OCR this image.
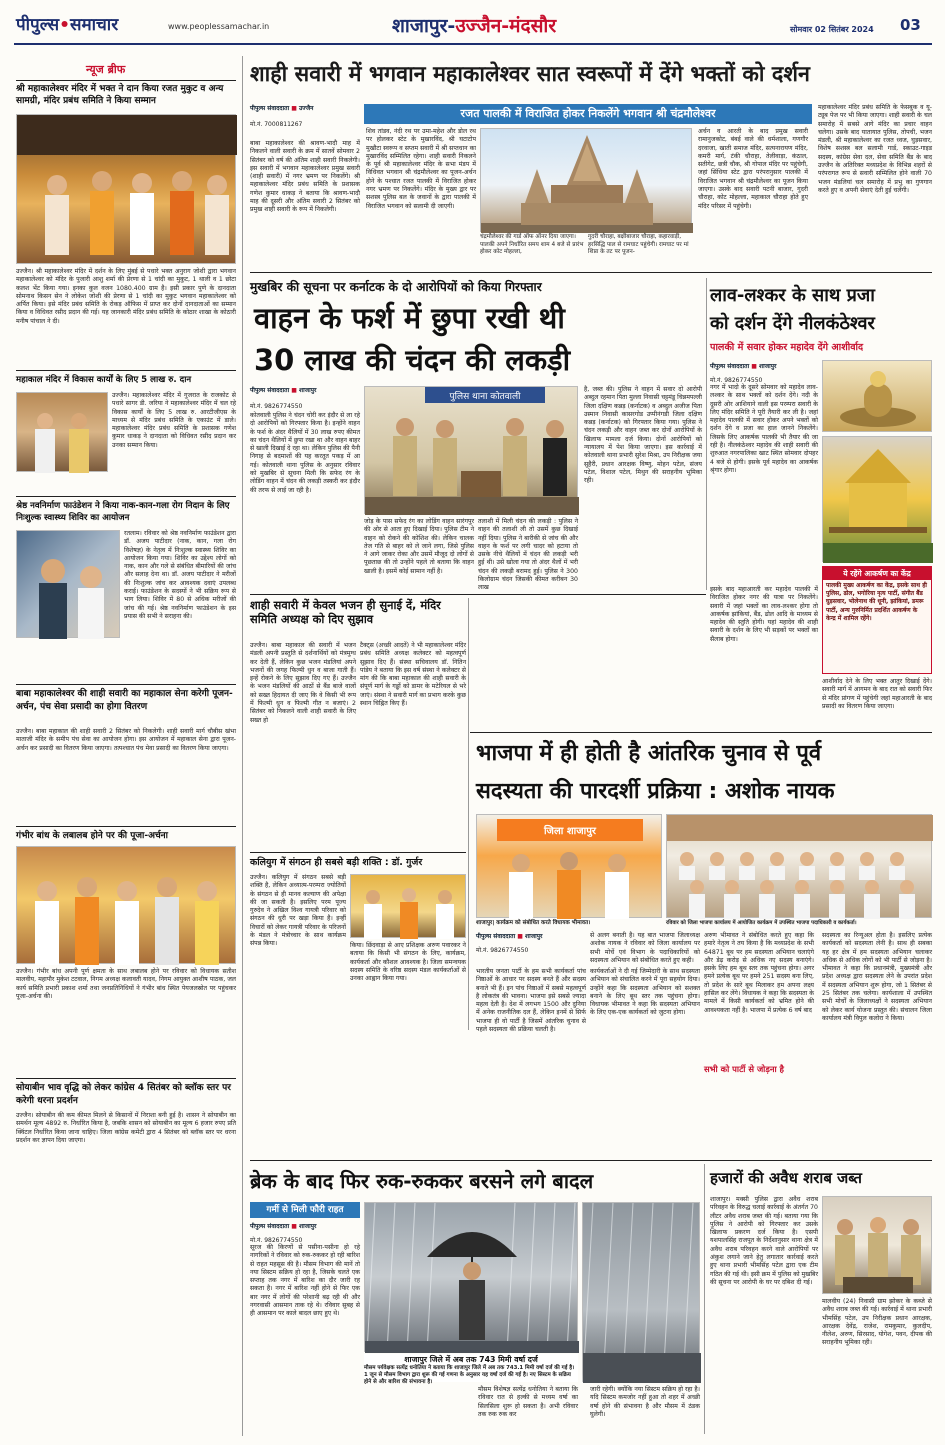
पीपुल्स•समाचार	www.peoplessamachar.in	शाजापुर-उज्जैन-मंदसौर	सोमवार 02 सितंबर 2024 03
न्यूज ब्रीफ
श्री महाकालेश्वर मंदिर में भक्त ने दान किया रजत मुकुट व अन्य सामग्री, मंदिर प्रबंध समिति ने किया सम्मान
उज्जैन। श्री महाकालेश्वर मंदिर में दर्शन के लिए मुंबई से पधारे भक्त अनुराग जोशी द्वारा भगवान महाकालेश्वर को मंदिर के पुजारी आशु शर्मा की प्रेरणा से 1 चांदी का मुकुट, 1 थाली व 1 छोटा कलश भेंट किया गया। इनका कुल वजन 1080.400 ग्राम है। इसी प्रकार पुणे के दानदाता सोमनाथ किसन सेन ने लोकेश जोशी की प्रेरणा से 1 चांदी का मुकुट भगवान महाकालेश्वर को अर्पित किया। इसे मंदिर प्रबंध समिति के रोकड़ ऑफिस में प्राप्त कर दोनों दानदाताओं का सम्मान किया व विधिवत रसीद प्रदान की गई। यह जानकारी मंदिर प्रबंध समिति के कोठार शाखा के कोठारी मनीष पांचाल ने दी।
महाकाल मंदिर में विकास कार्यों के लिए 5 लाख रु. दान
उज्जैन। महाकालेश्वर मंदिर में गुजरात के राजकोट से पधारे सागर डी. जरिया ने महाकालेश्वर मंदिर में चल रहे विकास कार्यों के लिए 5 लाख रु. आरटीजीएस के माध्यम से मंदिर प्रबंध समिति के एकाउंट में डाले। महाकालेश्वर मंदिर प्रबंध समिति के प्रशासक गणेश कुमार धाकड़ ने दानदाता को विधिवत रसीद प्रदान कर उनका सम्मान किया।
श्रेष्ठ नवनिर्माण फाउंडेशन ने किया नाक-कान-गला रोग निदान के लिए निःशुल्क स्वास्थ्य शिविर का आयोजन
रतलाम। रविवार को श्रेष्ठ नवनिर्माण फाउंडेशन द्वारा डॉ. अजय पाटीदार (नाक, कान, गला रोग विशेषज्ञ) के नेतृत्व में निःशुल्क स्वास्थ्य शिविर का आयोजन किया गया। शिविर का उद्देश्य लोगों को नाक, कान और गले से संबंधित बीमारियों की जांच और सलाह देना था। डॉ. अजय पाटीदार ने मरीजों की निःशुल्क जांच कर आवश्यक दवाएं उपलब्ध कराई। फाउंडेशन के सदस्यों ने भी सक्रिय रूप से भाग लिया। शिविर में 80 से अधिक मरीजों की जांच की गई। श्रेष्ठ नवनिर्माण फाउंडेशन के इस प्रयास की सभी ने सराहना की।
बाबा महाकालेश्वर की शाही सवारी का महाकाल सेना करेगी पूजन-अर्चन, पंच सेवा प्रसादी का होगा वितरण
उज्जैन। बाबा महाकाल की शाही सवारी 2 सितंबर को निकलेगी। शाही सवारी मार्ग चौबीस खंभा माताजी मंदिर के समीप पंच सेवा का आयोजन होगा। इस आयोजन में महाकाल सेना द्वारा पूजन-अर्चन कर प्रसादी का वितरण किया जाएगा। तत्पश्चात पंच मेवा प्रसादी का वितरण किया जाएगा।
गंभीर बांध के लबालब होने पर की पूजा-अर्चना
उज्जैन। गंभीर बांध अपनी पूर्ण क्षमता के साथ लबालब होने पर रविवार को विधायक सतीश मालवीय, महापौर मुकेश टटवाल, निगम अध्यक्ष कलावती यादव, निगम आयुक्त आशीष पाठक, जल कार्य समिति प्रभारी प्रकाश शर्मा तथा जनप्रतिनिधियों ने गंभीर बांध स्थित पेयजलस्रोत पर पहुंचकर पूजा-अर्चना की।
सोयाबीन भाव वृद्धि को लेकर कांग्रेस 4 सितंबर को ब्लॉक स्तर पर करेगी धरना प्रदर्शन
उज्जैन। सोयाबीन की कम कीमत मिलने से किसानों में निराशा बनी हुई है। शासन ने सोयाबीन का समर्थन मूल्य 4892 रु. निर्धारित किया है, जबकि शासन को सोयाबीन का मूल्य 6 हजार रुपए प्रति क्विंटल निर्धारित किया जाना चाहिए। जिला कांग्रेस कमेटी द्वारा 4 सितंबर को ब्लॉक स्तर पर धरना प्रदर्शन कर ज्ञापन दिया जाएगा।
शाही सवारी में भगवान महाकालेश्वर सात स्वरूपों में देंगे भक्तों को दर्शन
पीपुल्स संवाददाता ■ उज्जैन
मो.नं. 7000811267
रजत पालकी में विराजित होकर निकलेंगे भगवान श्री चंद्रमौलेश्वर
बाबा महाकालेश्वर की श्रावण-भादौ माह में निकलने वाली सवारी के क्रम में सातवें सोमवार 2 सितंबर को वर्ष की अंतिम शाही सवारी निकलेगी। इस सवारी में भगवान महाकालेश्वर प्रमुख सवारी (शाही सवारी) में नगर भ्रमण पर निकलेंगे। श्री महाकालेश्वर मंदिर प्रबंध समिति के प्रशासक गणेश कुमार धाकड़ ने बताया कि श्रावण-भादौ माह की दूसरी और अंतिम सवारी 2 सितंबर को प्रमुख शाही सवारी के रूप में निकलेगी।
शिव तांडव, नंदी रथ पर उमा-महेश और डोल रथ पर होलकर स्टेट के मुखारविंद, श्री घटाटोप मुखौटा स्वरूप व सप्तम सवारी में श्री सप्तधान का मुखारविंद सम्मिलित रहेगा। शाही सवारी निकलने के पूर्व श्री महाकालेश्वर मंदिर के सभा मंडप में विधिवत भगवान श्री चंद्रमौलेश्वर का पूजन-अर्चन होने के पश्चात रजत पालकी में विराजित होकर नगर भ्रमण पर निकलेंगे। मंदिर के मुख्य द्वार पर सशस्त्र पुलिस बल के जवानों के द्वारा पालकी में विराजित भगवान को सलामी दी जाएगी।
चंद्रमौलेश्वर की गार्ड ऑफ ऑनर दिया जाएगा। पालकी अपने निर्धारित समय शाम 4 बजे से प्रारंभ होकर कोट मोहल्ला,
गुदरी चौराहा, बक्षीबाजार चौराहा, कहारवाड़ी, हरसिद्धि पाल से रामघाट पहुंचेगी। रामघाट पर मां शिप्रा के तट पर पूजन-
अर्चन व आरती के बाद प्रमुख सवारी रामानुजकोट, बंबई वाले की धर्मशाला, गणगौर दरवाजा, खाती समाज मंदिर, सत्यनारायण मंदिर, कमरी मार्ग, टंकी चौराहा, तेलीवाड़ा, कंठाल, सतीगेट, छत्री चौक, श्री गोपाल मंदिर पर पहुंचेगी, जहां सिंधिया स्टेट द्वारा परंपरानुसार पालकी में विराजित भगवान श्री चंद्रमौलेश्वर का पूजन किया जाएगा। उसके बाद सवारी पटनी बाजार, गुदरी चौराहा, कोट मोहल्ला, महाकाल चौराहा होते हुए मंदिर परिसर में पहुंचेगी।
महाकालेश्वर मंदिर प्रबंध समिति के फेसबुक व यू-ट्यूब पेज पर भी किया जाएगा। शाही सवारी के चल समारोह में सबसे आगे मंदिर का प्रचार वाहन चलेगा। उसके बाद यातायात पुलिस, तोपची, भजन मंडली, श्री महाकालेश्वर का रजत ध्वज, घुड़सवार, विशेष सशस्त्र बल सलामी गार्ड, स्काउट-गाइड सदस्य, कांग्रेस सेवा दल, सेवा समिति बैंड के बाद उज्जैन के अतिरिक्त मध्यप्रदेश के विभिन्न शहरों से परंपरागत रूप से सवारी सम्मिलित होने वाली 70 भजन मंडलियां चल समारोह में प्रभु का गुणगान करते हुए व अपनी सेवाएं देती हुई चलेंगी।
मुखबिर की सूचना पर कर्नाटक के दो आरोपियों को किया गिरफ्तार
वाहन के फर्श में छुपा रखी थी
30 लाख की चंदन की लकड़ी
पीपुल्स संवाददाता ■ शाजापुर
मो.नं. 9826774550
कोतवाली पुलिस ने चंदन चोरी कर इंदौर से ला रहे दो आरोपियों को गिरफ्तार किया है। इन्होंने वाहन के फर्श के अंदर थैलियों में 30 लाख रुपए कीमत का चंदन थैलियों में छुपा रखा था और वाहन बाहर से खाली दिखाई दे रहा था। लेकिन पुलिस की पैनी निगाह से बदमाशों की यह करतूत पकड़ में आ गई। कोतवाली थाना पुलिस के अनुसार रविवार को मुखबिर से सूचना मिली कि सफेद रंग के लोडिंग वाहन में चंदन की लकड़ी तस्करी कर इंदौर की तरफ से लाई जा रही है।
पुलिस थाना कोतवाली
जोड़ के पास सफेद रंग का लोडिंग वाहन सारंगपुर की ओर से आता हुए दिखाई दिया। पुलिस टीम ने वाहन को रोकने की कोशिश की। लेकिन चालक तेज गति से बाहर को ले जाने लगा, जिसे पुलिस ने आगे जाकर रोका और उसमें मौजूद दो लोगों से पूछताछ की तो उन्होंने पहले तो बताया कि वाहन खाली है। इसमें कोई सामान नहीं है।
तलाशी में मिली चंदन की लकड़ी : पुलिस ने वाहन की तलाशी ली तो उसमें कुछ दिखाई नहीं दिया। पुलिस ने बारीकी से जांच की और वाहन के फर्श पर लगी चादर को हटाया तो उसके नीचे थैलियों में चंदन की लकड़ी भरी हुई थी। उसे खोला गया तो अंदर थैलों में भरी चंदन की लकड़ी बरामद हुई। पुलिस ने 300 किलोग्राम चंदन जिसकी कीमत करीबन 30 लाख
है, जब्त की। पुलिस ने वाहन में सवार दो आरोपी अब्दुल रहमान पिता मुल्ला निवासी चट्टमंडू चिन्नमपल्ली जिला दक्षिण कन्नड़ (कर्नाटक) व अब्दुल अजीज पिता उस्मान निवासी कासरगोड उप्पीनंगडी जिला दक्षिण कन्नड़ (कर्नाटक) को गिरफ्तार किया गया। पुलिस ने चंदन लकड़ी और वाहन जब्त कर दोनों आरोपियों के खिलाफ मामला दर्ज किया। दोनों आरोपियों को न्यायालय में पेश किया जाएगा। इस कार्रवाई में कोतवाली थाना प्रभारी सुरेश मिश्रा, उप निरीक्षक जया सुहैरी, प्रधान आरक्षक विष्णु, मोहन पटेल, संजय पटेल, विशाल पटेल, मिथुन की सराहनीय भूमिका रही।
लाव-लश्कर के साथ प्रजा
को दर्शन देंगे नीलकंठेश्वर
पालकी में सवार होकर महादेव देंगे आशीर्वाद
पीपुल्स संवाददाता ■ शाजापुर
मो.नं. 9826774550
नगर में भादो के दूसरे सोमवार को महादेव लाव-लश्कर के साथ भक्तों को दर्शन देंगे। नदी के दूसरी ओर आशियाने वाली इस परम्परा सवारी के लिए मंदिर समिति ने पूरी तैयारी कर ली है। जहां महादेव पालकी में सवार होकर अपने भक्तों को दर्शन देंगे व प्रजा का हाल जानने निकलेंगे। जिसके लिए आकर्षक पालकी भी तैयार की जा रही है। नीलकंठेश्वर महादेव की शाही सवारी की शुरुआत नगरपालिका खाट स्थित सोमवार दोपहर 4 बजे से होगी। इसके पूर्व महादेव का आकर्षक श्रृंगार होगा।
ये रहेंगे आकर्षण का केंद्र
पालकी मुख्य आकर्षण का केंद्र, इसके साथ ही पुलिस, ढोल, भगोरिया नृत्य पार्टी, संगीत बैंड घुड़सवार, भोलेनाथ की धूनी, झांकियां, डमरू पार्टी, अन्य गुरुनिर्मित प्रदर्शित आकर्षण के केन्द्र में शामिल रहेंगे।
इसके बाद महाआरती कर महादेव पालकी में विराजित होकर नगर की यात्रा पर निकलेंगे। सवारी में जहां भक्तों का लाव-लश्कर होगा तो आकर्षक झांकियां, बैंड, ढोल आदि के माध्यम से महादेव की स्तुति होगी। यहां महादेव की शाही सवारी के दर्शन के लिए भी सड़कों पर भक्तों का सैलाब होगा।
आशीर्वाद देने के लिए भक्त आतुर दिखाई देंगे। सवारी मार्ग में आगमन के बाद रात को सवारी फिर से मंदिर प्रांगण में पहुंचेगी जहां महाआरती के बाद प्रसादी का वितरण किया जाएगा।
शाही सवारी में केवल भजन ही सुनाई दें, मंदिर समिति अध्यक्ष को दिए सुझाव
उज्जैन। बाबा महाकाल की सवारी में भजन मंडली अपनी प्रस्तुति से दर्शनार्थियों को मंत्रमुग्ध कर देती हैं, लेकिन कुछ भजन मंडलियां अपने भजनों की जगह फिल्मी धुन व बाजा गाती हैं। इन्हें रोकने के लिए सुझाव दिए गए हैं। उज्जैन के भजन मंडलियों की आठों से बैंड बाजे वालों को सख्त हिदायत दी जाए कि वे किसी भी रूप में फिल्मी धुन व फिल्मी गीत न बजाएं। 2 सितंबर को निकलने वाली शाही सवारी के लिए सख्त हो
टैक्ट्स (अच्छी आदतें) ने भी महाकालेश्वर मंदिर प्रबंध समिति अध्यक्ष कलेक्टर को महत्वपूर्ण सुझाव दिए हैं। संस्था सचिवालय डॉ. नितिन पांडेय ने बताया कि इस वर्ष संस्था ने कलेक्टर से मांग की कि बाबा महाकाल की शाही सवारी के संपूर्ण मार्ग के गड्ढों को डामर के मटेरियल से भरे जाएं। संस्था ने सवारी मार्ग का प्रभाग करके कुछ स्थान चिह्नित किए हैं।
कलियुग में संगठन ही सबसे बड़ी शक्ति : डॉ. गुर्जर
उज्जैन। कलियुग में संगठन सबसे बड़ी शक्ति है, लेकिन अध्यात्म-परम्परा ज्योतियों के संगठन से ही मानव कल्याण की अपेक्षा की जा सकती है। इसलिए परम पूज्य गुरुदेव ने अखिल विश्व गायत्री परिवार को संगठन की धुरी पर खड़ा किया है। इन्हीं विचारों को लेकर गायत्री परिवार के परिजनों के मंडल ने मंत्रोच्चार के साथ कार्यक्रम संपन्न किया।	किया। छिंदवाड़ा से आए प्रशिक्षक अरुण पवारकर ने बताया कि किसी भी संगठन के लिए, कार्यक्रम, कार्यकर्ता और कौशल आवश्यक है। जिला समन्वयक सदस्य समिति के वरिष्ठ सदस्य मंडल कार्यकर्ताओं से उनका आह्वान किया गया।
भाजपा में ही होती है आंतरिक चुनाव से पूर्व
सदस्यता की पारदर्शी प्रक्रिया : अशोक नायक
जिला शाजापुर
शाजापुर| कार्यक्रम को संबोधित करते विधायक भीमावत।	रविवार को जिला भाजपा कार्यालय में आयोजित कार्यक्रम में उपस्थित भाजपा पदाधिकारी व कार्यकर्ता।
पीपुल्स संवाददाता ■ शाजापुर
मो.नं. 9826774550
से अलग बनाती है। यह बात भाजपा जिलाध्यक्ष अशोक नायक ने रविवार को जिला कार्यालय पर सभी मोर्चे एवं विभाग के पदाधिकारियों को सदस्यता अभियान को संबोधित करते हुए कही।
भारतीय जनता पार्टी के हम सभी कार्यकर्ता पांच निष्ठाओं के आधार पर सदस्य बनते हैं और सदस्य बनाते भी हैं। इन पांच निष्ठाओं में सबसे महत्वपूर्ण है लोकतंत्र की भावना। भाजपा इसे सबसे ज्यादा महत्व देती है। देश में लगभग 1500 और दुनिया में अनेक राजनीतिक दल हैं, लेकिन इनमें से सिर्फ भाजपा ही वो पार्टी है जिसमें आंतरिक चुनाव से पहले सदस्यता की प्रक्रिया चलती है।
कार्यकर्ताओं ने दी गई जिम्मेदारी के साथ सदस्यता अभियान को संचालित करने में पूरा सहयोग दिया। उन्होंने कहा कि सदस्यता अभियान को सशक्त बनाने के लिए बूथ स्तर तक पहुंचना होगा। विधायक भीमावत ने कहा कि सदस्यता अभियान के लिए एक-एक कार्यकर्ता को जुटना होगा।
अरुण भीमावत ने संबोधित करते हुए कहा कि हमारे नेतृत्व ने तय किया है कि मध्यप्रदेश के सभी 64871 बूथ पर हम सदस्यता अभियान चलाएंगे और डेढ़ करोड़ से अधिक नए सदस्य बनाएंगे। इसके लिए हम बूथ स्तर तक पहुंचना होगा। अगर हमने प्रत्येक बूथ पर हमने 251 सदस्य बना लिए, तो प्रदेश के सारे बूथ मिलाकर हम अपना लक्ष्य हासिल कर लेंगे। विधायक ने कहा कि सदस्यता के मामले में किसी कार्यकर्ता को भ्रमित होने की आवश्यकता नहीं है। भाजपा में प्रत्येक 6 वर्ष बाद
सदस्यता का रिन्यूअल होता है। इसलिए प्रत्येक कार्यकर्ता को सदस्यता लेनी है। साथ ही सबका यह हर क्षेत्र में हम सदस्यता अभियान चलाकर अधिक से अधिक लोगों को भी पार्टी से जोड़ना है। भीमावत ने कहा कि प्रधानमंत्री, मुख्यमंत्री और प्रदेश अध्यक्ष द्वारा सदस्यता लेने के उपरांत प्रदेश में सदस्यता अभियान शुरू होगा, जो 1 सितंबर से 25 सितंबर तक चलेगा। कार्यशाला में उपस्थित सभी मोर्चों के जिलाध्यक्षों ने सदस्यता अभियान को लेकर कार्य योजना प्रस्तुत की। संचालन जिला कार्यालय मंत्री विपुल कलोरा ने किया।
सभी को पार्टी से जोड़ना है
ब्रेक के बाद फिर रुक-रुककर बरसने लगे बादल
गर्मी से मिली फौरी राहत
पीपुल्स संवाददाता ■ शाजापुर
मो.नं. 9826774550
सूरज की किरणों से पसीना-पसीना हो रहे नागरिकों ने रविवार को रुक-रुककर हो रही बारिश से राहत महसूस की है। मौसम विभाग की मानें तो नया सिस्टम सक्रिय हो रहा है, जिसके चलते एक सप्ताह तक नगर में बारिश का दौर जारी रह सकता है। नगर में बारिश नहीं होने से फिर एक बार नगर में लोगों की परेशानी बढ़ रही थी और नगरवासी आसमान ताक रहे थे। रविवार सुबह से ही आसमान पर काले बादल छाए हुए थे।
शाजापुर जिले में अब तक 743 मिमी वर्षा दर्ज
मौसम पर्यवेक्षक सत्येंद्र धनोतिया ने बताया कि शाजापुर जिले में अब तक 743.1 मिमी वर्षा दर्ज की गई है। 1 जून से मौसम विभाग द्वारा शुरू की गई गणना के अनुसार यह वर्षा दर्ज की गई है। नए सिस्टम के सक्रिय होने से और बारिश की संभावना है।
मौसम विशेषज्ञ सत्येंद्र धनोतिया ने बताया कि रविवार रात से हल्की से मध्यम वर्षा का सिलसिला शुरू हो सकता है। अभी रविवार तक रुक रुक कर
जारी रहेगी। क्योंकि नया सिस्टम सक्रिय हो रहा है। यदि सिस्टम कमजोर नहीं हुआ तो शहर में अच्छी वर्षा होने की संभावना है और मौसम में ठंडक घुलेगी।
हजारों की अवैध शराब जब्त
शाजापुर। मक्सी पुलिस द्वारा अवैध शराब परिवहन के विरुद्ध चलाई कार्रवाई के अंतर्गत 70 लीटर अवैध शराब जब्त की गई। बताया गया कि पुलिस ने आरोपी को गिरफ्तार कर उसके खिलाफ प्रकरण दर्ज किया है। एसपी यशपालसिंह राजपूत के निर्देशानुसार थाना क्षेत्र में अवैध शराब परिवहन करने वाले आरोपियों पर अंकुश लगाने जाने हेतु लगातार कार्रवाई करते हुए थाना प्रभारी भीमसिंह पटेल द्वारा एक टीम गठित की गई थी। इसी क्रम में पुलिस को मुखबिर की सूचना पर आरोपी के घर पर दबिश दी गई।
मालवीय (24) निवासी ग्राम झोकर के कब्जे से अवैध शराब जब्त की गई। कार्रवाई में थाना प्रभारी भीमसिंह पटेल, उप निरीक्षक प्रधान आरक्षक, आरक्षक देवेंद्र, राजेश, रामकुमार, कुलदीप, नीलेश, अरुण, सिरसाद, योगेश, पवन, दीपक की सराहनीय भूमिका रही।
